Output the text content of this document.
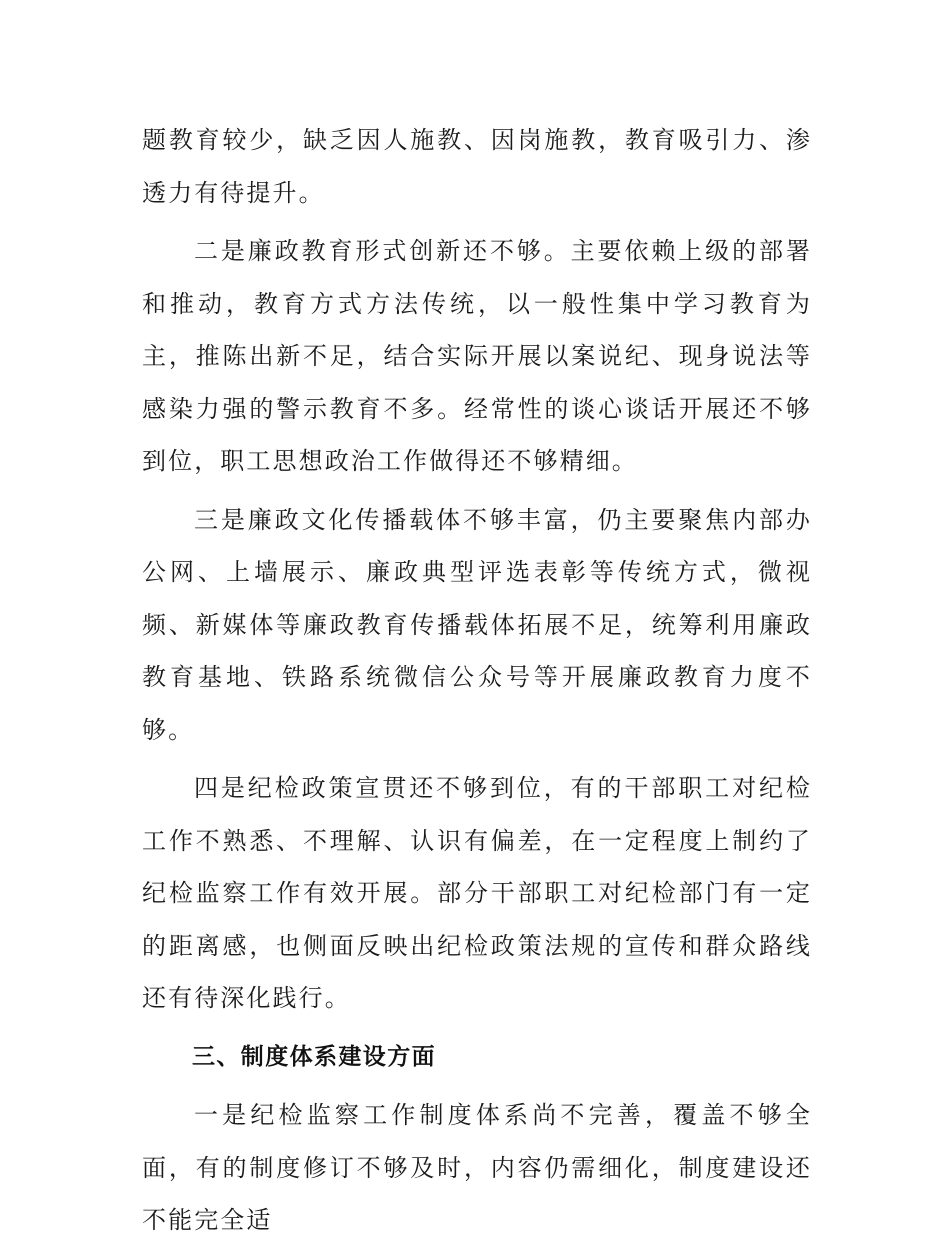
题教育较少，缺乏因人施教、因岗施教，教育吸引力、渗透力有待提升。

二是廉政教育形式创新还不够。主要依赖上级的部署和推动，教育方式方法传统，以一般性集中学习教育为主，推陈出新不足，结合实际开展以案说纪、现身说法等感染力强的警示教育不多。经常性的谈心谈话开展还不够到位，职工思想政治工作做得还不够精细。

三是廉政文化传播载体不够丰富，仍主要聚焦内部办公网、上墙展示、廉政典型评选表彰等传统方式，微视频、新媒体等廉政教育传播载体拓展不足，统筹利用廉政教育基地、铁路系统微信公众号等开展廉政教育力度不够。

四是纪检政策宣贯还不够到位，有的干部职工对纪检工作不熟悉、不理解、认识有偏差，在一定程度上制约了纪检监察工作有效开展。部分干部职工对纪检部门有一定的距离感，也侧面反映出纪检政策法规的宣传和群众路线还有待深化践行。

三、制度体系建设方面

一是纪检监察工作制度体系尚不完善，覆盖不够全面，有的制度修订不够及时，内容仍需细化，制度建设还不能完全适
